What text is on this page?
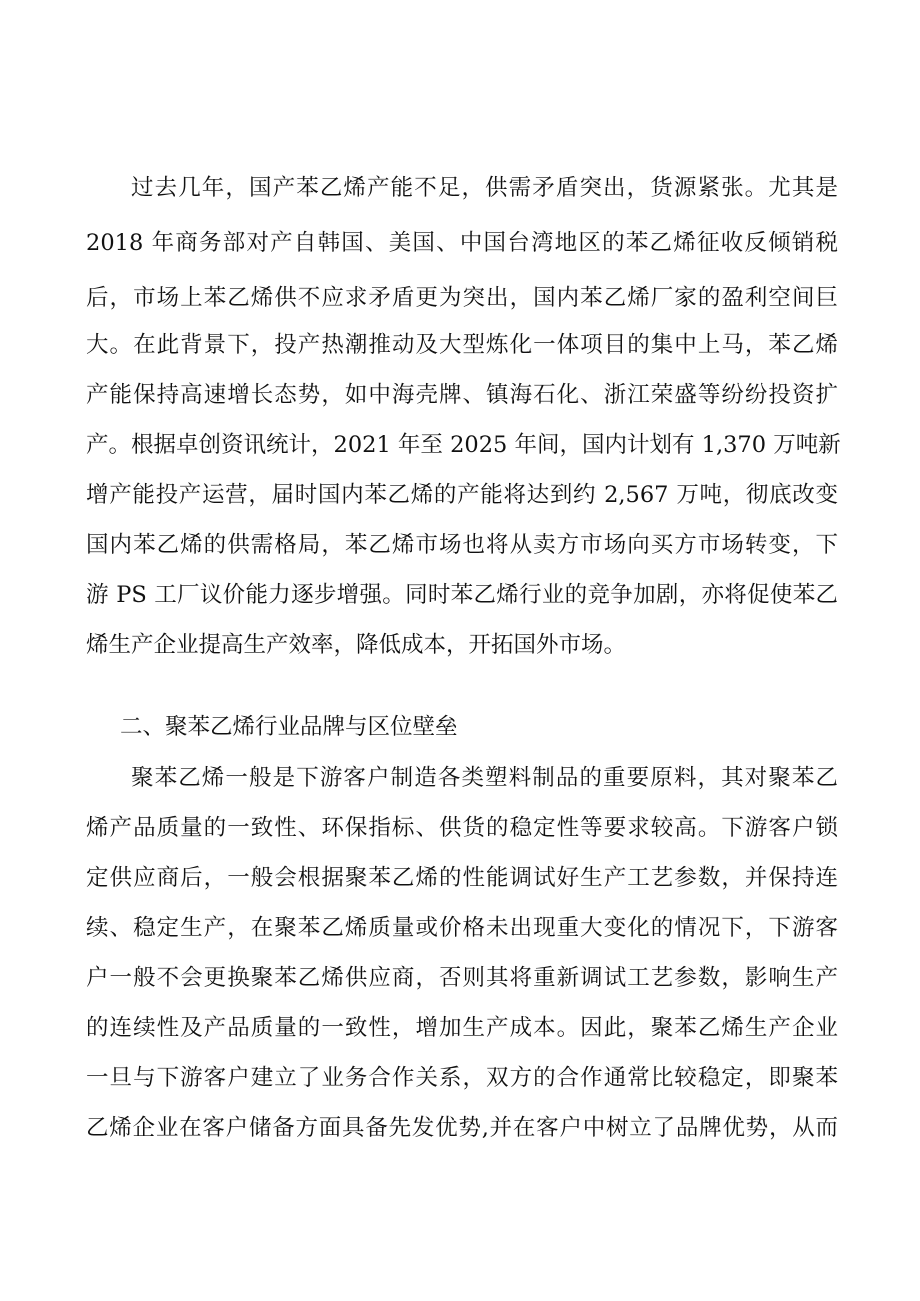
过去几年，国产苯乙烯产能不足，供需矛盾突出，货源紧张。尤其是
2018 年商务部对产自韩国、美国、中国台湾地区的苯乙烯征收反倾销税
后，市场上苯乙烯供不应求矛盾更为突出，国内苯乙烯厂家的盈利空间巨
大。在此背景下，投产热潮推动及大型炼化一体项目的集中上马，苯乙烯
产能保持高速增长态势，如中海壳牌、镇海石化、浙江荣盛等纷纷投资扩
产。根据卓创资讯统计，2021 年至 2025 年间，国内计划有 1,370 万吨新
增产能投产运营，届时国内苯乙烯的产能将达到约 2,567 万吨，彻底改变
国内苯乙烯的供需格局，苯乙烯市场也将从卖方市场向买方市场转变，下
游 PS 工厂议价能力逐步增强。同时苯乙烯行业的竞争加剧，亦将促使苯乙
烯生产企业提高生产效率，降低成本，开拓国外市场。
二、聚苯乙烯行业品牌与区位壁垒
聚苯乙烯一般是下游客户制造各类塑料制品的重要原料，其对聚苯乙
烯产品质量的一致性、环保指标、供货的稳定性等要求较高。下游客户锁
定供应商后，一般会根据聚苯乙烯的性能调试好生产工艺参数，并保持连
续、稳定生产，在聚苯乙烯质量或价格未出现重大变化的情况下，下游客
户一般不会更换聚苯乙烯供应商，否则其将重新调试工艺参数，影响生产
的连续性及产品质量的一致性，增加生产成本。因此，聚苯乙烯生产企业
一旦与下游客户建立了业务合作关系，双方的合作通常比较稳定，即聚苯
乙烯企业在客户储备方面具备先发优势,并在客户中树立了品牌优势，从而
